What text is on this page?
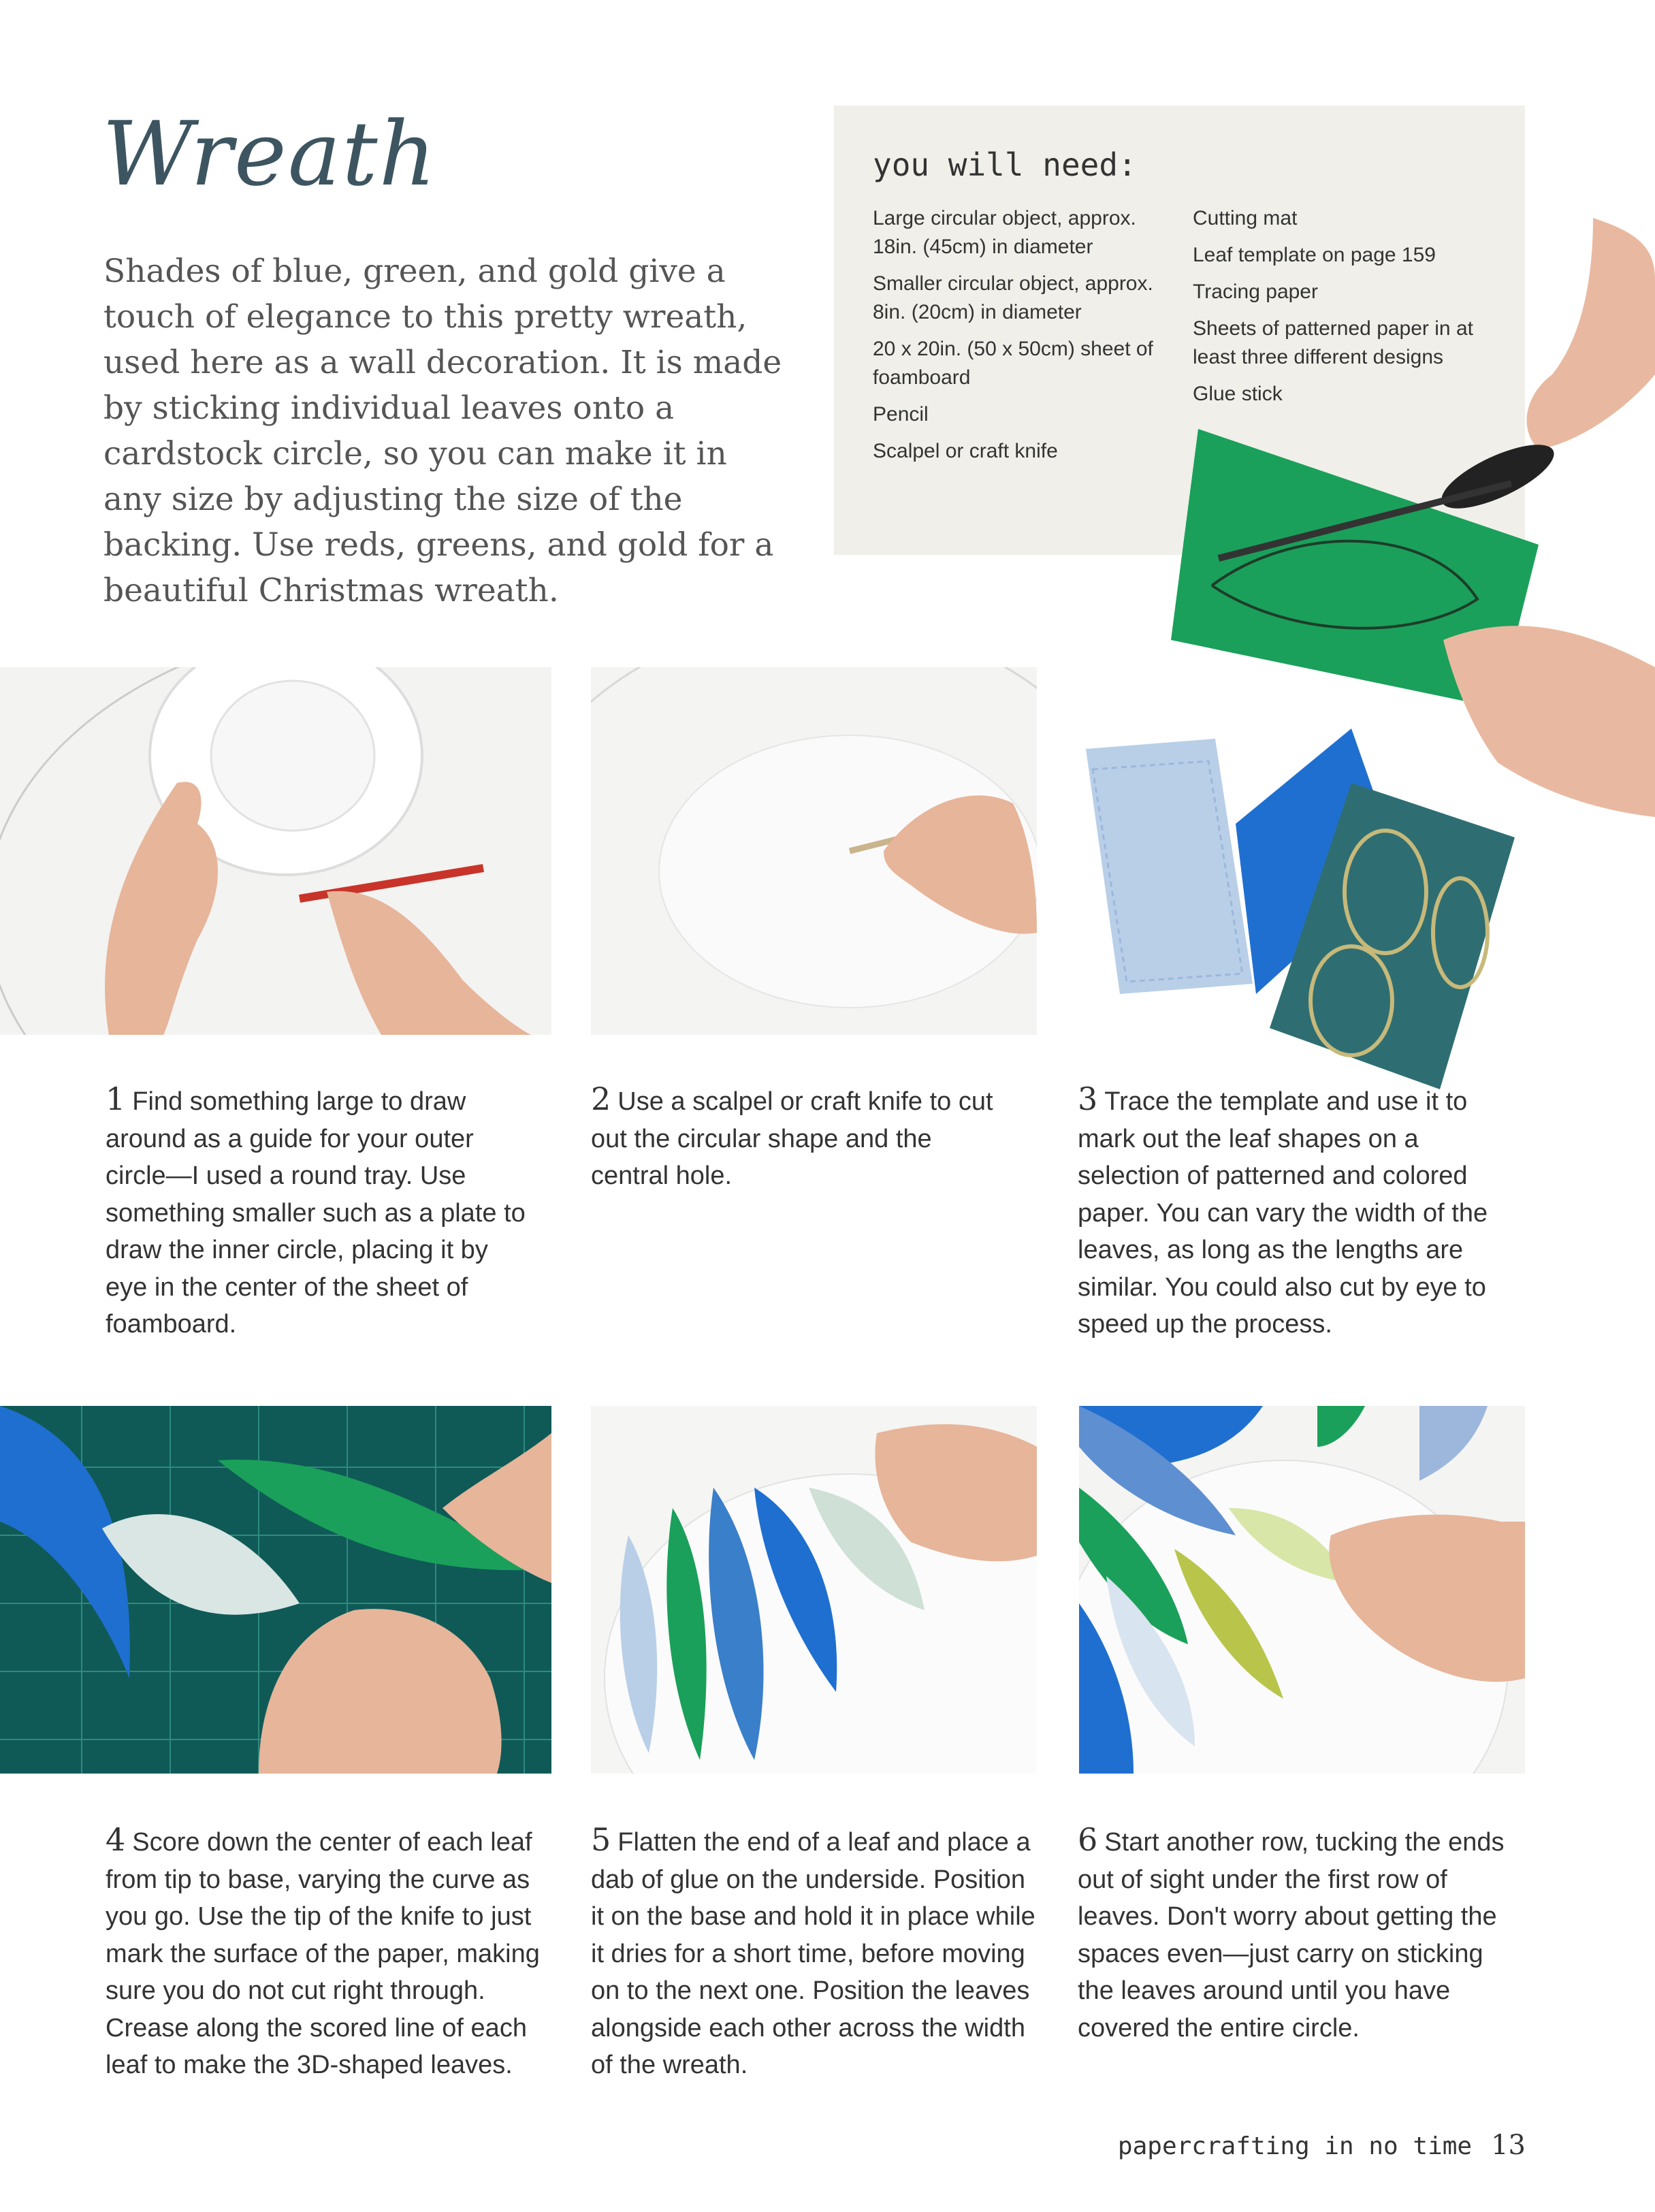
Wreath
Shades of blue, green, and gold give a touch of elegance to this pretty wreath, used here as a wall decoration. It is made by sticking individual leaves onto a cardstock circle, so you can make it in any size by adjusting the size of the backing. Use reds, greens, and gold for a beautiful Christmas wreath.
you will need:
Large circular object, approx. 18in. (45cm) in diameter
Smaller circular object, approx. 8in. (20cm) in diameter
20 x 20in. (50 x 50cm) sheet of foamboard
Pencil
Scalpel or craft knife
Cutting mat
Leaf template on page 159
Tracing paper
Sheets of patterned paper in at least three different designs
Glue stick
1 Find something large to draw around as a guide for your outer circle—I used a round tray. Use something smaller such as a plate to draw the inner circle, placing it by eye in the center of the sheet of foamboard.
2 Use a scalpel or craft knife to cut out the circular shape and the central hole.
3 Trace the template and use it to mark out the leaf shapes on a selection of patterned and colored paper. You can vary the width of the leaves, as long as the lengths are similar. You could also cut by eye to speed up the process.
4 Score down the center of each leaf from tip to base, varying the curve as you go. Use the tip of the knife to just mark the surface of the paper, making sure you do not cut right through. Crease along the scored line of each leaf to make the 3D-shaped leaves.
5 Flatten the end of a leaf and place a dab of glue on the underside. Position it on the base and hold it in place while it dries for a short time, before moving on to the next one. Position the leaves alongside each other across the width of the wreath.
6 Start another row, tucking the ends out of sight under the first row of leaves. Don't worry about getting the spaces even—just carry on sticking the leaves around until you have covered the entire circle.
papercrafting in no time 13
